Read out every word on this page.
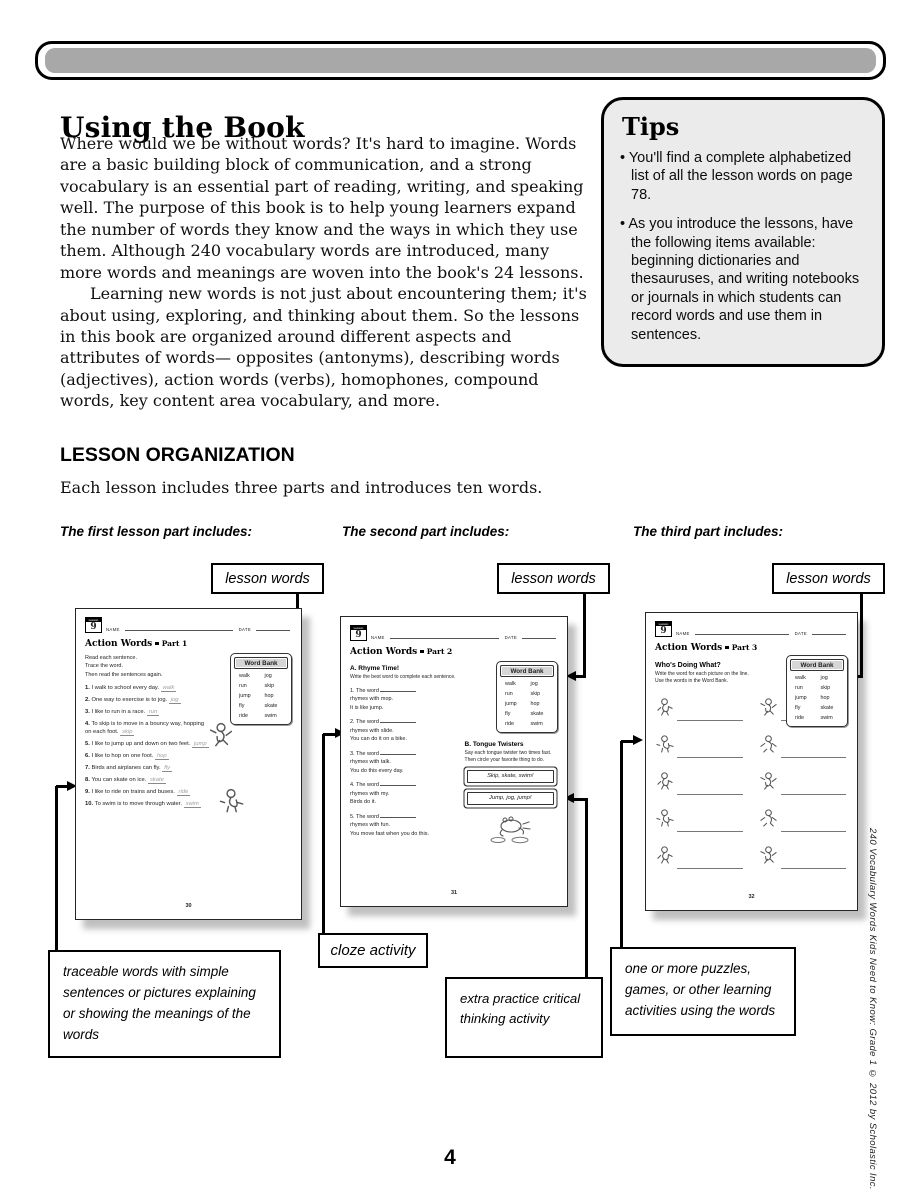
Using the Book

Where would we be without words? It's hard to imagine. Words are a basic building block of communication, and a strong vocabulary is an essential part of reading, writing, and speaking well. The purpose of this book is to help young learners expand the number of words they know and the ways in which they use them. Although 240 vocabulary words are introduced, many more words and meanings are woven into the book's 24 lessons.

Learning new words is not just about encountering them; it's about using, exploring, and thinking about them. So the lessons in this book are organized around different aspects and attributes of words— opposites (antonyms), describing words (adjectives), action words (verbs), homophones, compound words, key content area vocabulary, and more.

Tips
• You'll find a complete alphabetized list of all the lesson words on page 78.
• As you introduce the lessons, have the following items available: beginning dictionaries and thesauruses, and writing notebooks or journals in which students can record words and use them in sentences.
LESSON ORGANIZATION
Each lesson includes three parts and introduces ten words.
The first lesson part includes:	The second part includes:	The third part includes:
lesson words	lesson words	lesson words
Lesson
9	NAME	DATE
Action Words Part 1
Word Bank
walk	jog
run	skip
jump	hop
fly	skate
ride	swim
Read each sentence.
Trace the word.
Then read the sentences again.
1. I walk to school every day. walk
2. One way to exercise is to jog. jog
3. I like to run in a race. run
4. To skip is to move in a bouncy way, hopping on each foot. skip
5. I like to jump up and down on two feet. jump
6. I like to hop on one foot. hop
7. Birds and airplanes can fly. fly
8. You can skate on ice. skate
9. I like to ride on trains and buses. ride
10. To swim is to move through water. swim
30
Lesson
9	NAME	DATE
Action Words Part 2
A. Rhyme Time!
Write the best word to complete each sentence.
1. The word
rhymes with mop.
It is like jump.
2. The word
rhymes with slide.
You can do it on a bike.
3. The word
rhymes with talk.
You do this every day.
4. The word
rhymes with my.
Birds do it.
5. The word
rhymes with fun.
You move fast when you do this.
Word Bank
walk	jog
run	skip
jump	hop
fly	skate
ride	swim
B. Tongue Twisters
Say each tongue twister two times fast.
Then circle your favorite thing to do.
Skip, skate, swim!
Jump, jog, jump!
31
Lesson
9	NAME	DATE
Action Words Part 3
Word Bank
walk	jog
run	skip
jump	hop
fly	skate
ride	swim
Who's Doing What?
Write the word for each picture on the line.
Use the words in the Word Bank.
32
traceable words with simple sentences or pictures explaining or showing the meanings of the words
cloze activity
extra practice critical thinking activity
one or more puzzles, games, or other learning activities using the words
4	240 Vocabulary Words Kids Need to Know: Grade 1 © 2012 by Scholastic Inc.
